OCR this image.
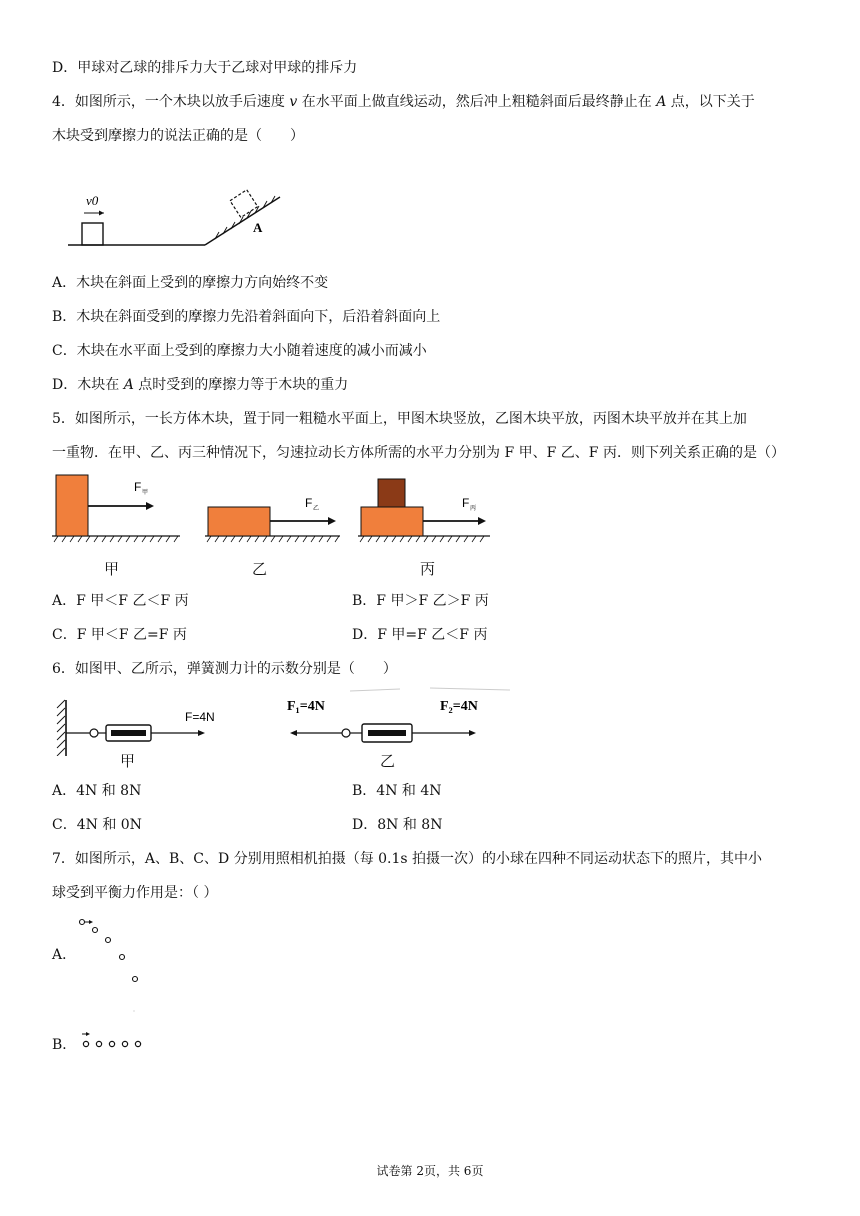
D．甲球对乙球的排斥力大于乙球对甲球的排斥力
4．如图所示，一个木块以放手后速度 v 在水平面上做直线运动，然后冲上粗糙斜面后最终静止在 A 点，以下关于
木块受到摩擦力的说法正确的是（　　）
v0
A
A．木块在斜面上受到的摩擦力方向始终不变
B．木块在斜面受到的摩擦力先沿着斜面向下，后沿着斜面向上
C．木块在水平面上受到的摩擦力大小随着速度的减小而减小
D．木块在 A 点时受到的摩擦力等于木块的重力
5．如图所示，一长方体木块，置于同一粗糙水平面上，甲图木块竖放，乙图木块平放，丙图木块平放并在其上加
一重物．在甲、乙、丙三种情况下，匀速拉动长方体所需的水平力分别为 F 甲、F 乙、F 丙．则下列关系正确的是（）
F 甲
F 乙	F 丙
甲	乙	丙
A．F 甲＜F 乙＜F 丙	B．F 甲＞F 乙＞F 丙
C．F 甲＜F 乙=F 丙	D．F 甲=F 乙＜F 丙
6．如图甲、乙所示，弹簧测力计的示数分别是（　　）
F=4N
F₁=4N	F₂=4N
甲	乙
A．4N 和 8N	B．4N 和 4N
C．4N 和 0N	D．8N 和 8N
7．如图所示，A、B、C、D 分别用照相机拍摄（每 0.1s 拍摄一次）的小球在四种不同运动状态下的照片，其中小
球受到平衡力作用是：（ ）
A．
B．
试卷第 2页，共 6页
